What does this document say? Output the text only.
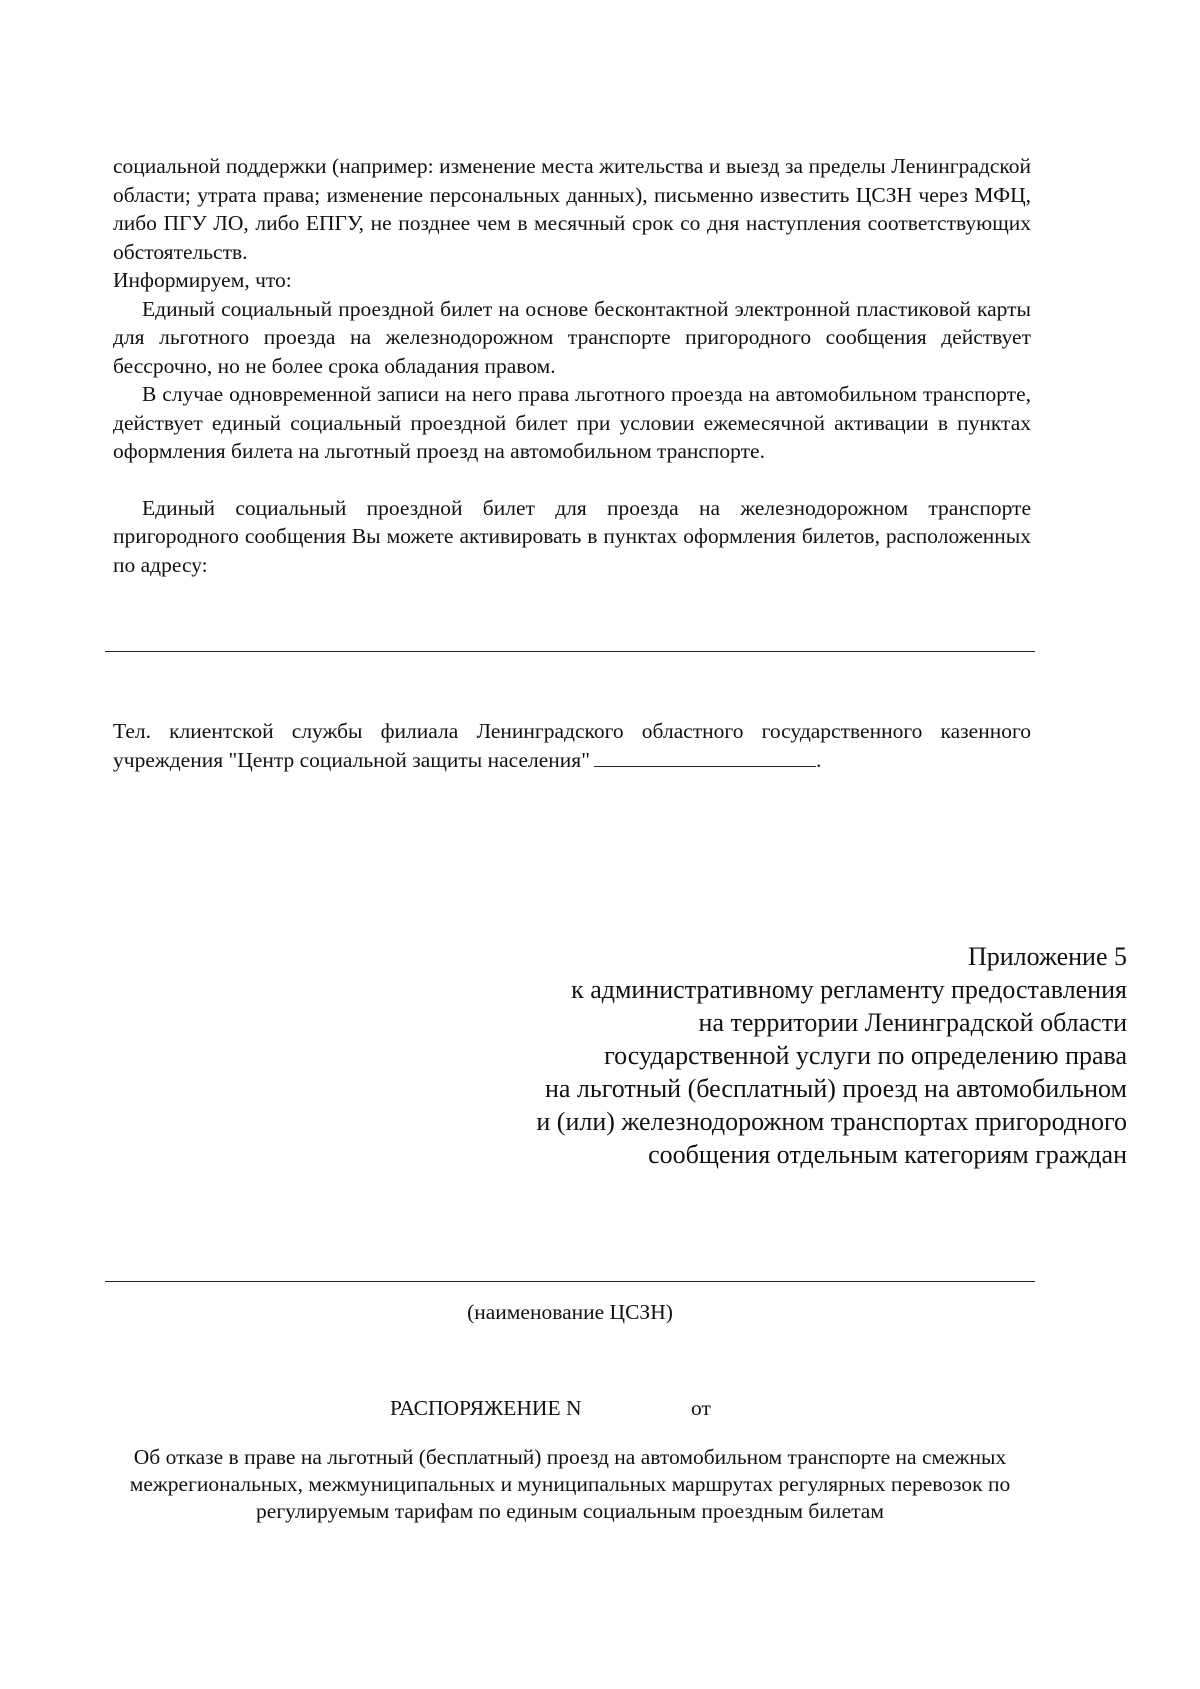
социальной поддержки (например: изменение места жительства и выезд за пределы Ленинградской области; утрата права; изменение персональных данных), письменно известить ЦСЗН через МФЦ, либо ПГУ ЛО, либо ЕПГУ, не позднее чем в месячный срок со дня наступления соответствующих обстоятельств.

Информируем, что:

Единый социальный проездной билет на основе бесконтактной электронной пластиковой карты для льготного проезда на железнодорожном транспорте пригородного сообщения действует бессрочно, но не более срока обладания правом.

В случае одновременной записи на него права льготного проезда на автомобильном транспорте, действует единый социальный проездной билет при условии ежемесячной активации в пунктах оформления билета на льготный проезд на автомобильном транспорте.

Единый социальный проездной билет для проезда на железнодорожном транспорте пригородного сообщения Вы можете активировать в пунктах оформления билетов, расположенных по адресу:

Тел. клиентской службы филиала Ленинградского областного государственного казенного учреждения "Центр социальной защиты населения"	.
Приложение 5
к административному регламенту предоставления
на территории Ленинградской области
государственной услуги по определению права
на льготный (бесплатный) проезд на автомобильном
и (или) железнодорожном транспортах пригородного
сообщения отдельным категориям граждан
(наименование ЦСЗН)
РАСПОРЯЖЕНИЕ N	от
Об отказе в праве на льготный (бесплатный) проезд на автомобильном транспорте на смежных межрегиональных, межмуниципальных и муниципальных маршрутах регулярных перевозок по регулируемым тарифам по единым социальным проездным билетам
